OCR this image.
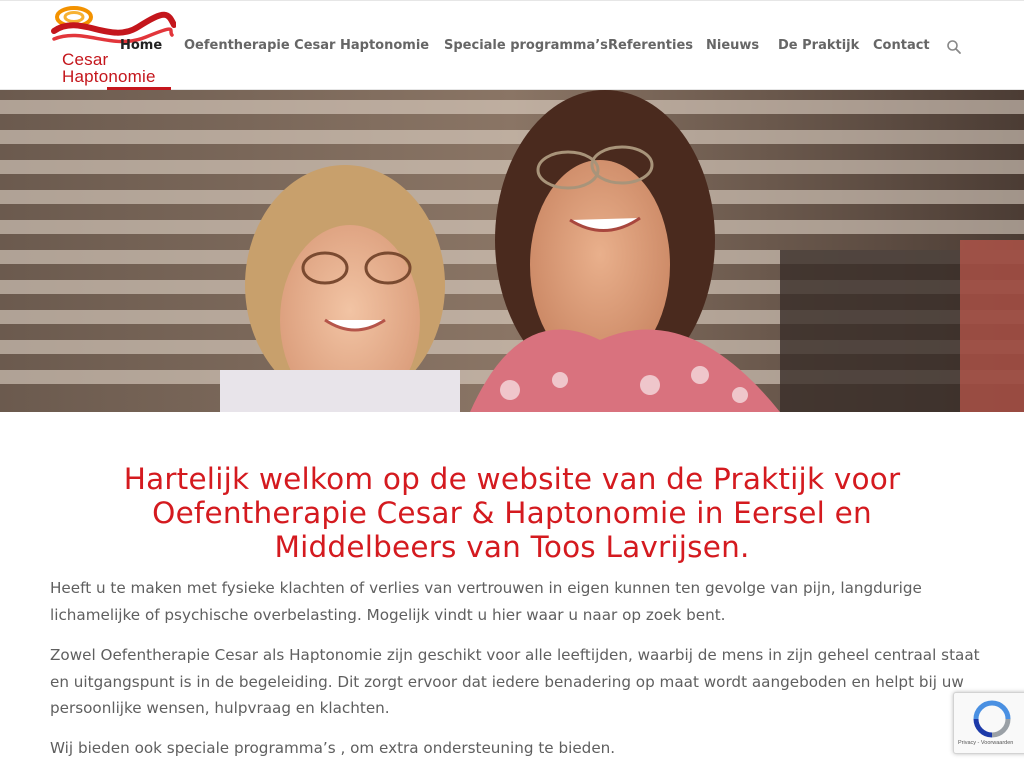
Cesar
Haptonomie
Home Oefentherapie Cesar Haptonomie Speciale programma’s Referenties Nieuws De Praktijk Contact
Hartelijk welkom op de website van de Praktijk voor Oefentherapie Cesar & Haptonomie in Eersel en Middelbeers van Toos Lavrijsen.

Heeft u te maken met fysieke klachten of verlies van vertrouwen in eigen kunnen ten gevolge van pijn, langdurige lichamelijke of psychische overbelasting. Mogelijk vindt u hier waar u naar op zoek bent.

Zowel Oefentherapie Cesar als Haptonomie zijn geschikt voor alle leeftijden, waarbij de mens in zijn geheel centraal staat en uitgangspunt is in de begeleiding. Dit zorgt ervoor dat iedere benadering op maat wordt aangeboden en helpt bij uw persoonlijke wensen, hulpvraag en klachten.

Wij bieden ook speciale programma’s , om extra ondersteuning te bieden.	Privacy - Voorwaarden
